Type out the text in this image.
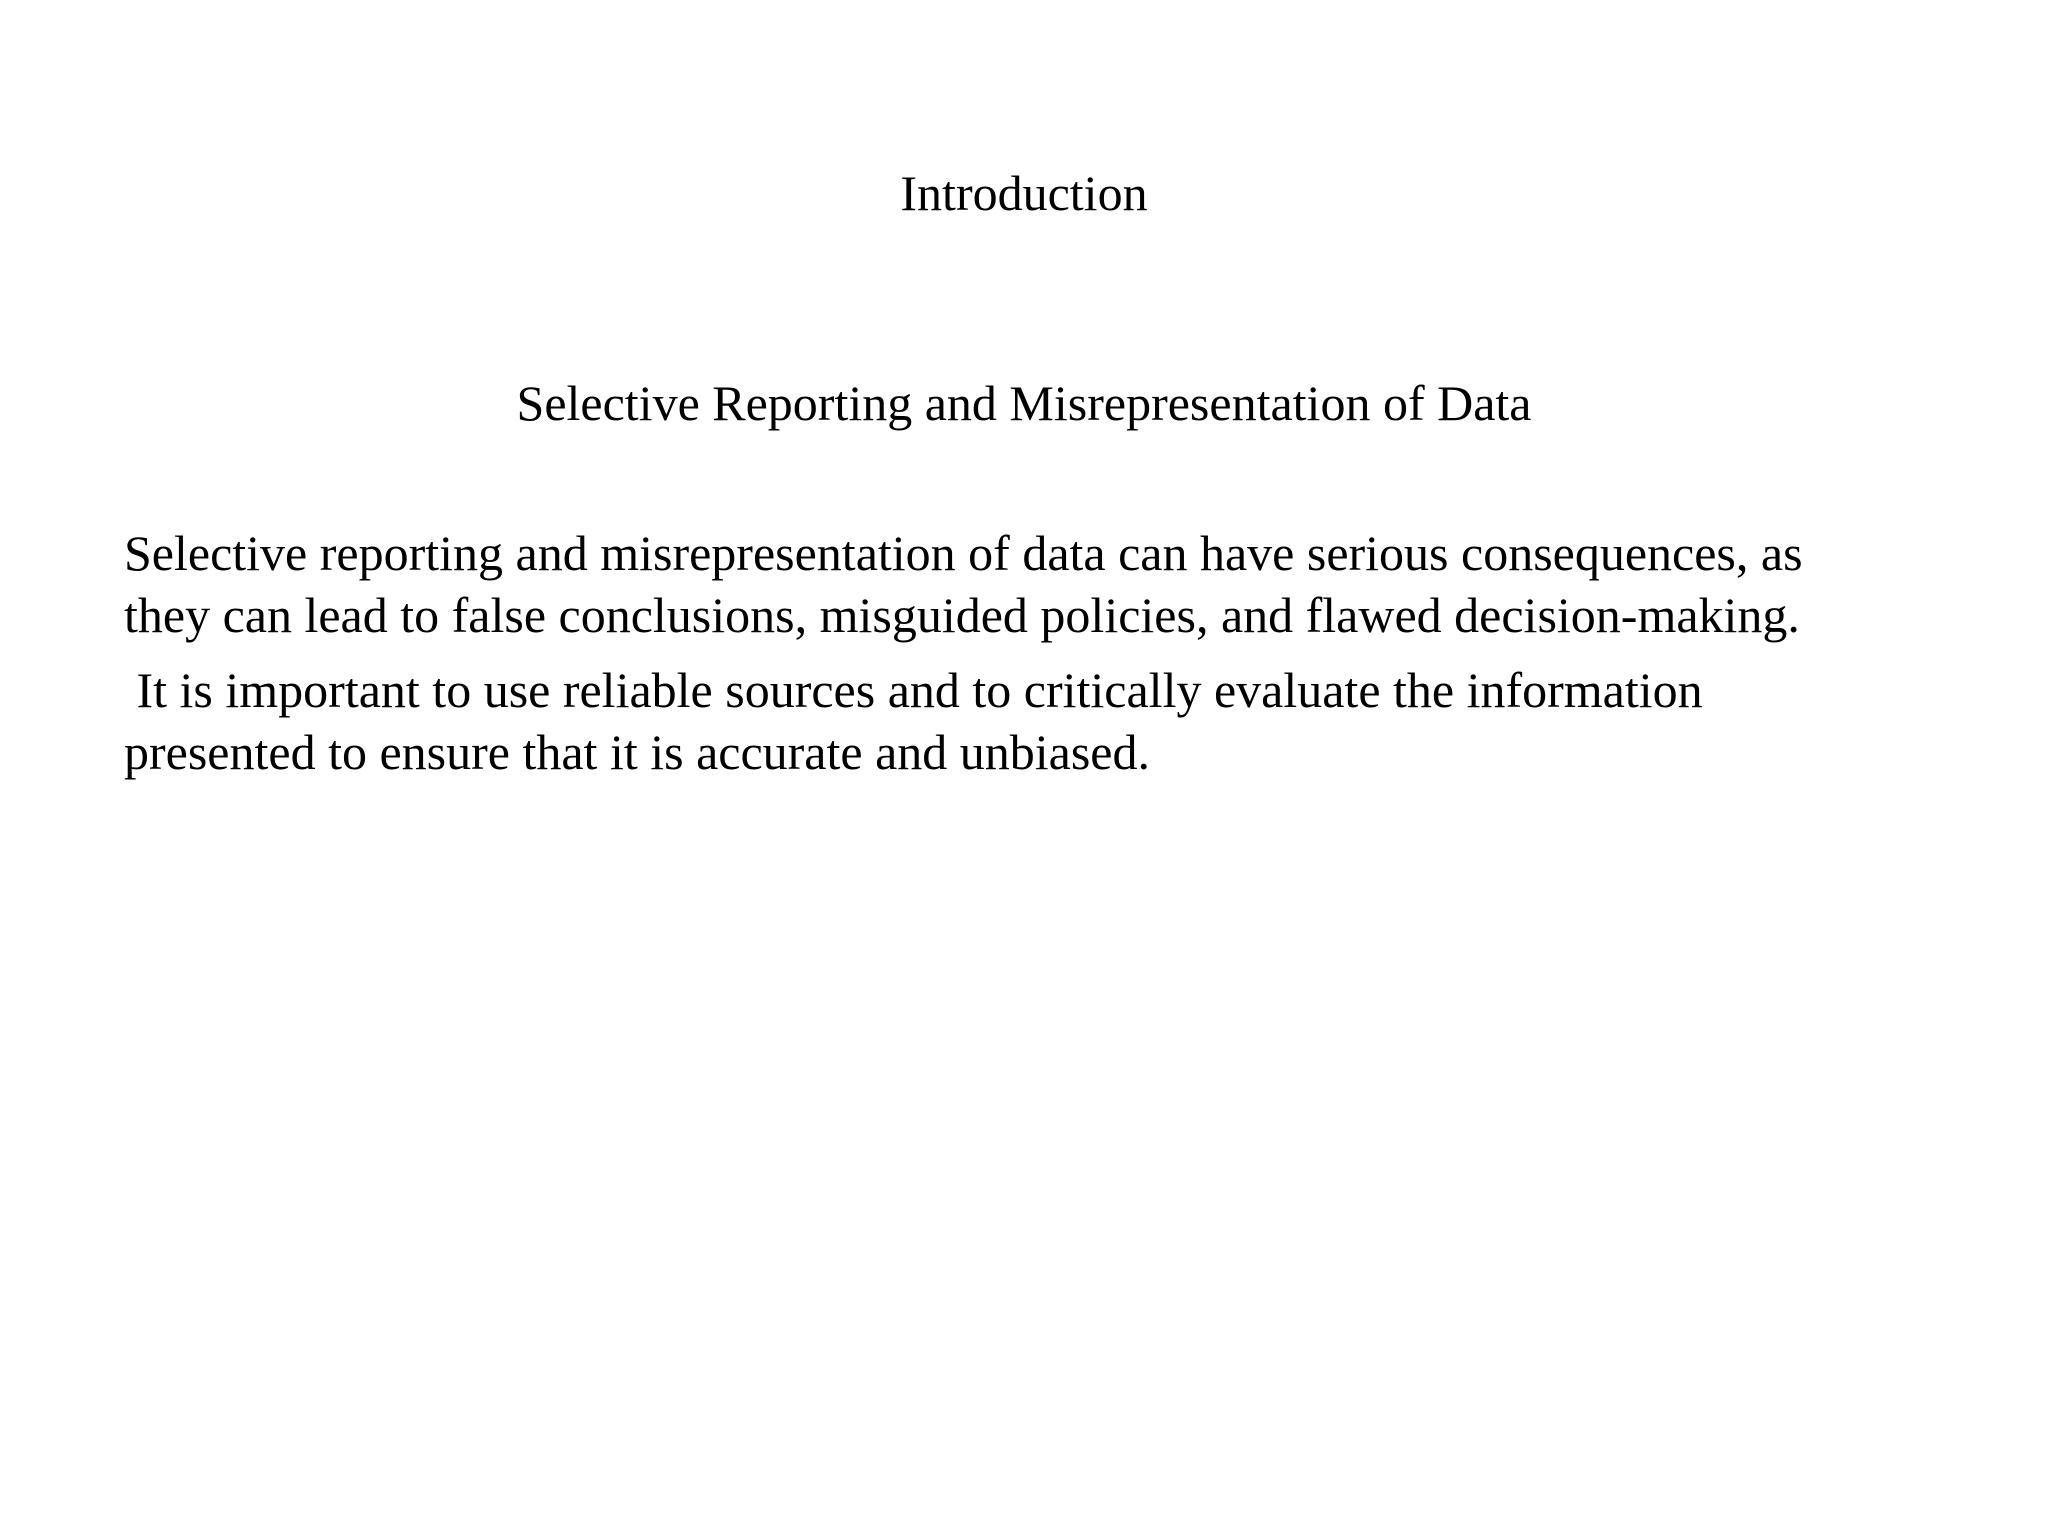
Introduction
Selective Reporting and Misrepresentation of Data

Selective reporting and misrepresentation of data can have serious consequences, as
they can lead to false conclusions, misguided policies, and flawed decision-making.

It is important to use reliable sources and to critically evaluate the information
presented to ensure that it is accurate and unbiased.
